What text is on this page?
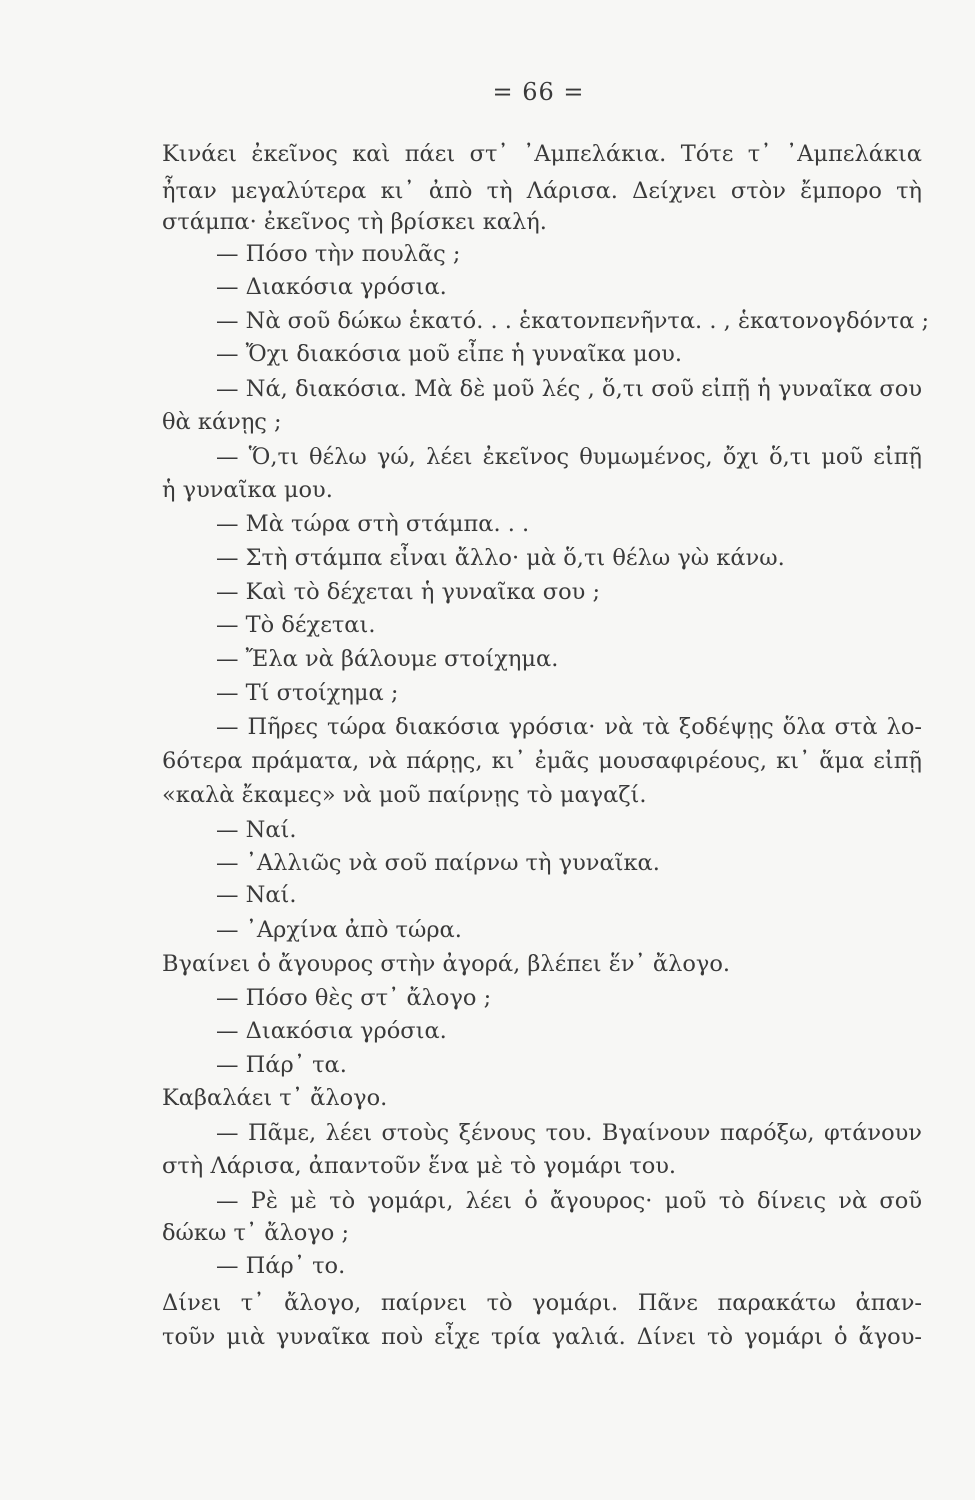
= 66 =
Κινάει ἐκεῖνος καὶ πάει στ᾿ ᾿Αμπελάκια. Τότε τ᾿ ᾿Αμπελάκια
ἦταν μεγαλύτερα κι᾿ ἀπὸ τὴ Λάρισα. Δείχνει στὸν ἔμπορο τὴ
στάμπα· ἐκεῖνος τὴ βρίσκει καλή.
— Πόσο τὴν πουλᾶς ;
— Διακόσια γρόσια.
— Νὰ σοῦ δώκω ἑκατό. . . ἑκατονπενῆντα. . , ἑκατονογδόντα ;
— Ὄχι διακόσια μοῦ εἶπε ἡ γυναῖκα μου.
— Νά, διακόσια. Μὰ δὲ μοῦ λές , ὅ,τι σοῦ εἰπῇ ἡ γυναῖκα σου
θὰ κάνῃς ;
— Ὅ,τι θέλω γώ, λέει ἐκεῖνος θυμωμένος, ὄχι ὅ,τι μοῦ εἰπῇ
ἡ γυναῖκα μου.
— Μὰ τώρα στὴ στάμπα. . .
— Στὴ στάμπα εἶναι ἄλλο· μὰ ὅ,τι θέλω γὼ κάνω.
— Καὶ τὸ δέχεται ἡ γυναῖκα σου ;
— Τὸ δέχεται.
— Ἔλα νὰ βάλουμε στοίχημα.
— Τί στοίχημα ;
— Πῆρες τώρα διακόσια γρόσια· νὰ τὰ ξοδέψῃς ὅλα στὰ λο-
6ότερα πράματα, νὰ πάρῃς, κι᾿ ἐμᾶς μουσαφιρέους, κι᾿ ἅμα εἰπῇ
«καλὰ ἔκαμες» νὰ μοῦ παίρνῃς τὸ μαγαζί.
— Ναί.
— ᾿Αλλιῶς νὰ σοῦ παίρνω τὴ γυναῖκα.
— Ναί.
— ᾿Αρχίνα ἀπὸ τώρα.
Βγαίνει ὁ ἄγουρος στὴν ἀγορά, βλέπει ἕν᾿ ἄλογο.
— Πόσο θὲς στ᾿ ἄλογο ;
— Διακόσια γρόσια.
— Πάρ᾿ τα.
Καβαλάει τ᾿ ἄλογο.
— Πᾶμε, λέει στοὺς ξένους του. Βγαίνουν παρόξω, φτάνουν
στὴ Λάρισα, ἀπαντοῦν ἕνα μὲ τὸ γομάρι του.
— Ρὲ μὲ τὸ γομάρι, λέει ὁ ἄγουρος· μοῦ τὸ δίνεις νὰ σοῦ
δώκω τ᾿ ἄλογο ;
— Πάρ᾿ το.
Δίνει τ᾿ ἄλογο, παίρνει τὸ γομάρι. Πᾶνε παρακάτω ἀπαν-
τοῦν μιὰ γυναῖκα ποὺ εἶχε τρία γαλιά. Δίνει τὸ γομάρι ὁ ἄγου-
